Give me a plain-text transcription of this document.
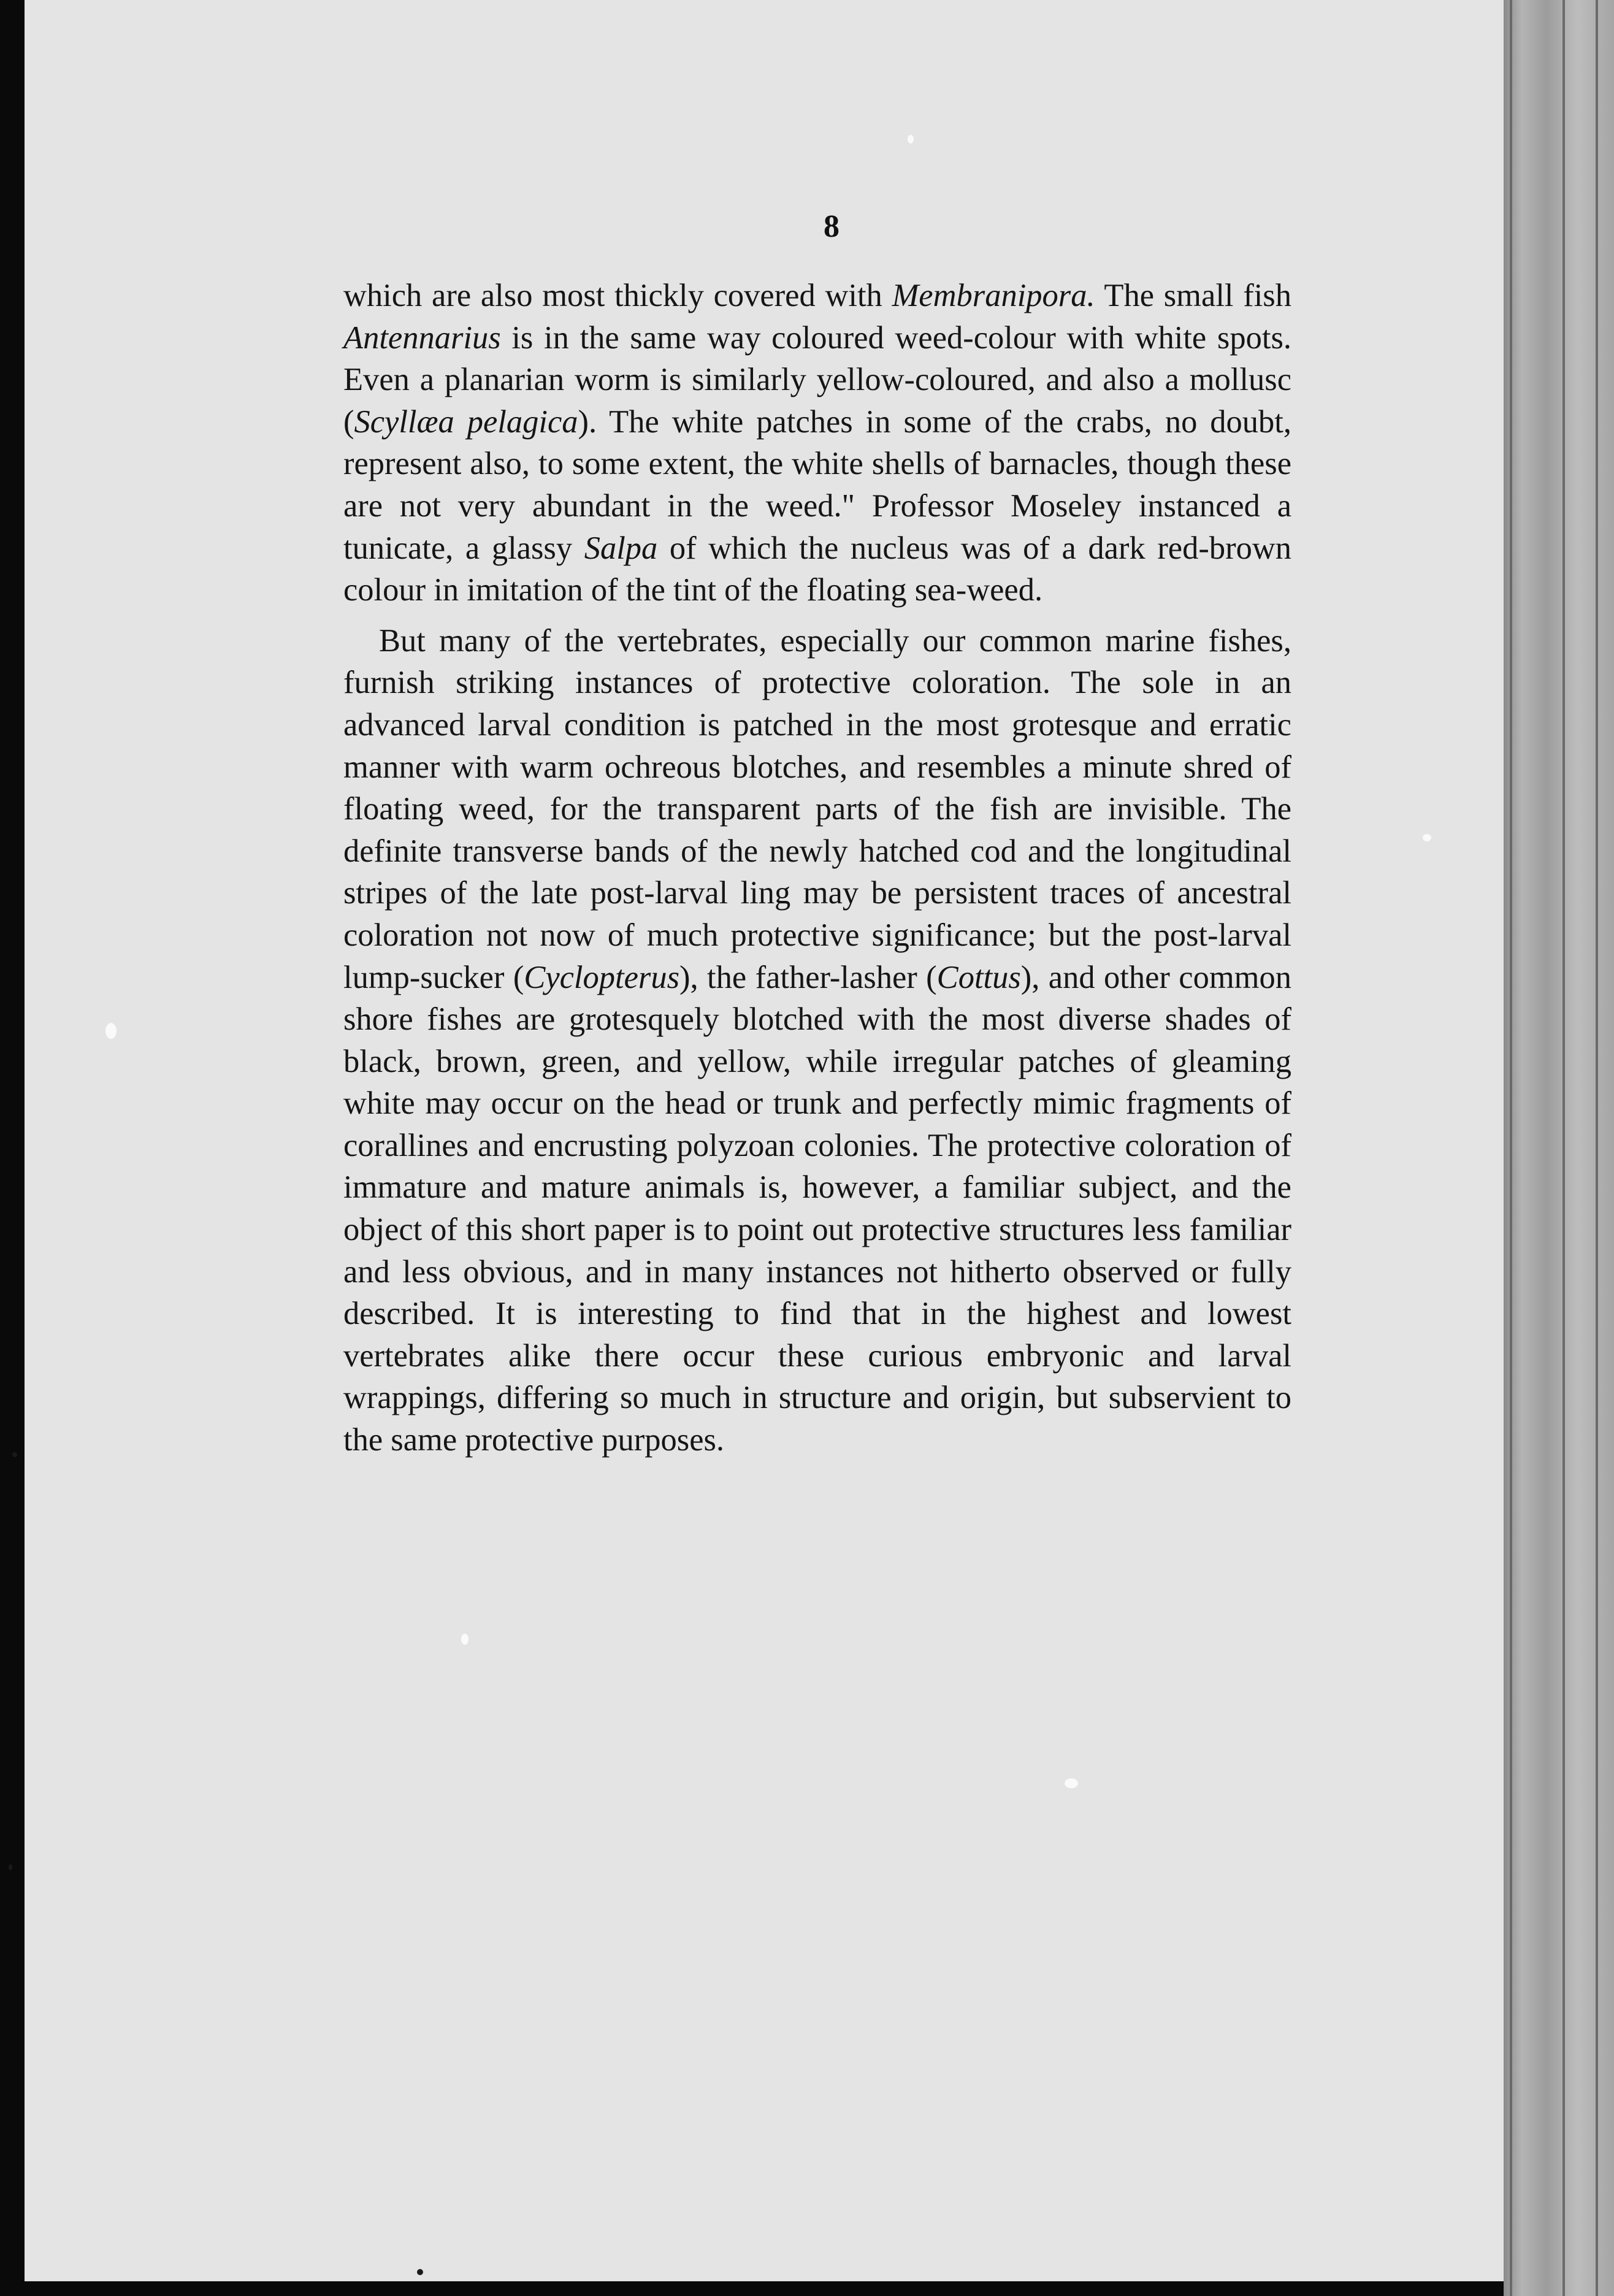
8

which are also most thickly covered with Membranipora. The small fish Antennarius is in the same way coloured weed-colour with white spots. Even a planarian worm is similarly yellow-coloured, and also a mollusc (Scyllæa pelagica). The white patches in some of the crabs, no doubt, represent also, to some extent, the white shells of barnacles, though these are not very abundant in the weed." Professor Moseley instanced a tunicate, a glassy Salpa of which the nucleus was of a dark red-brown colour in imitation of the tint of the floating sea-weed.

But many of the vertebrates, especially our common marine fishes, furnish striking instances of protective coloration. The sole in an advanced larval condition is patched in the most grotesque and erratic manner with warm ochreous blotches, and resembles a minute shred of floating weed, for the transparent parts of the fish are invisible. The definite transverse bands of the newly hatched cod and the longitudinal stripes of the late post-larval ling may be persistent traces of ancestral coloration not now of much protective significance; but the post-larval lump-sucker (Cyclopterus), the father-lasher (Cottus), and other common shore fishes are grotesquely blotched with the most diverse shades of black, brown, green, and yellow, while irregular patches of gleaming white may occur on the head or trunk and perfectly mimic fragments of corallines and encrusting polyzoan colonies. The protective coloration of immature and mature animals is, however, a familiar subject, and the object of this short paper is to point out protective structures less familiar and less obvious, and in many instances not hitherto observed or fully described. It is interesting to find that in the highest and lowest vertebrates alike there occur these curious embryonic and larval wrappings, differing so much in structure and origin, but subservient to the same protective purposes.
